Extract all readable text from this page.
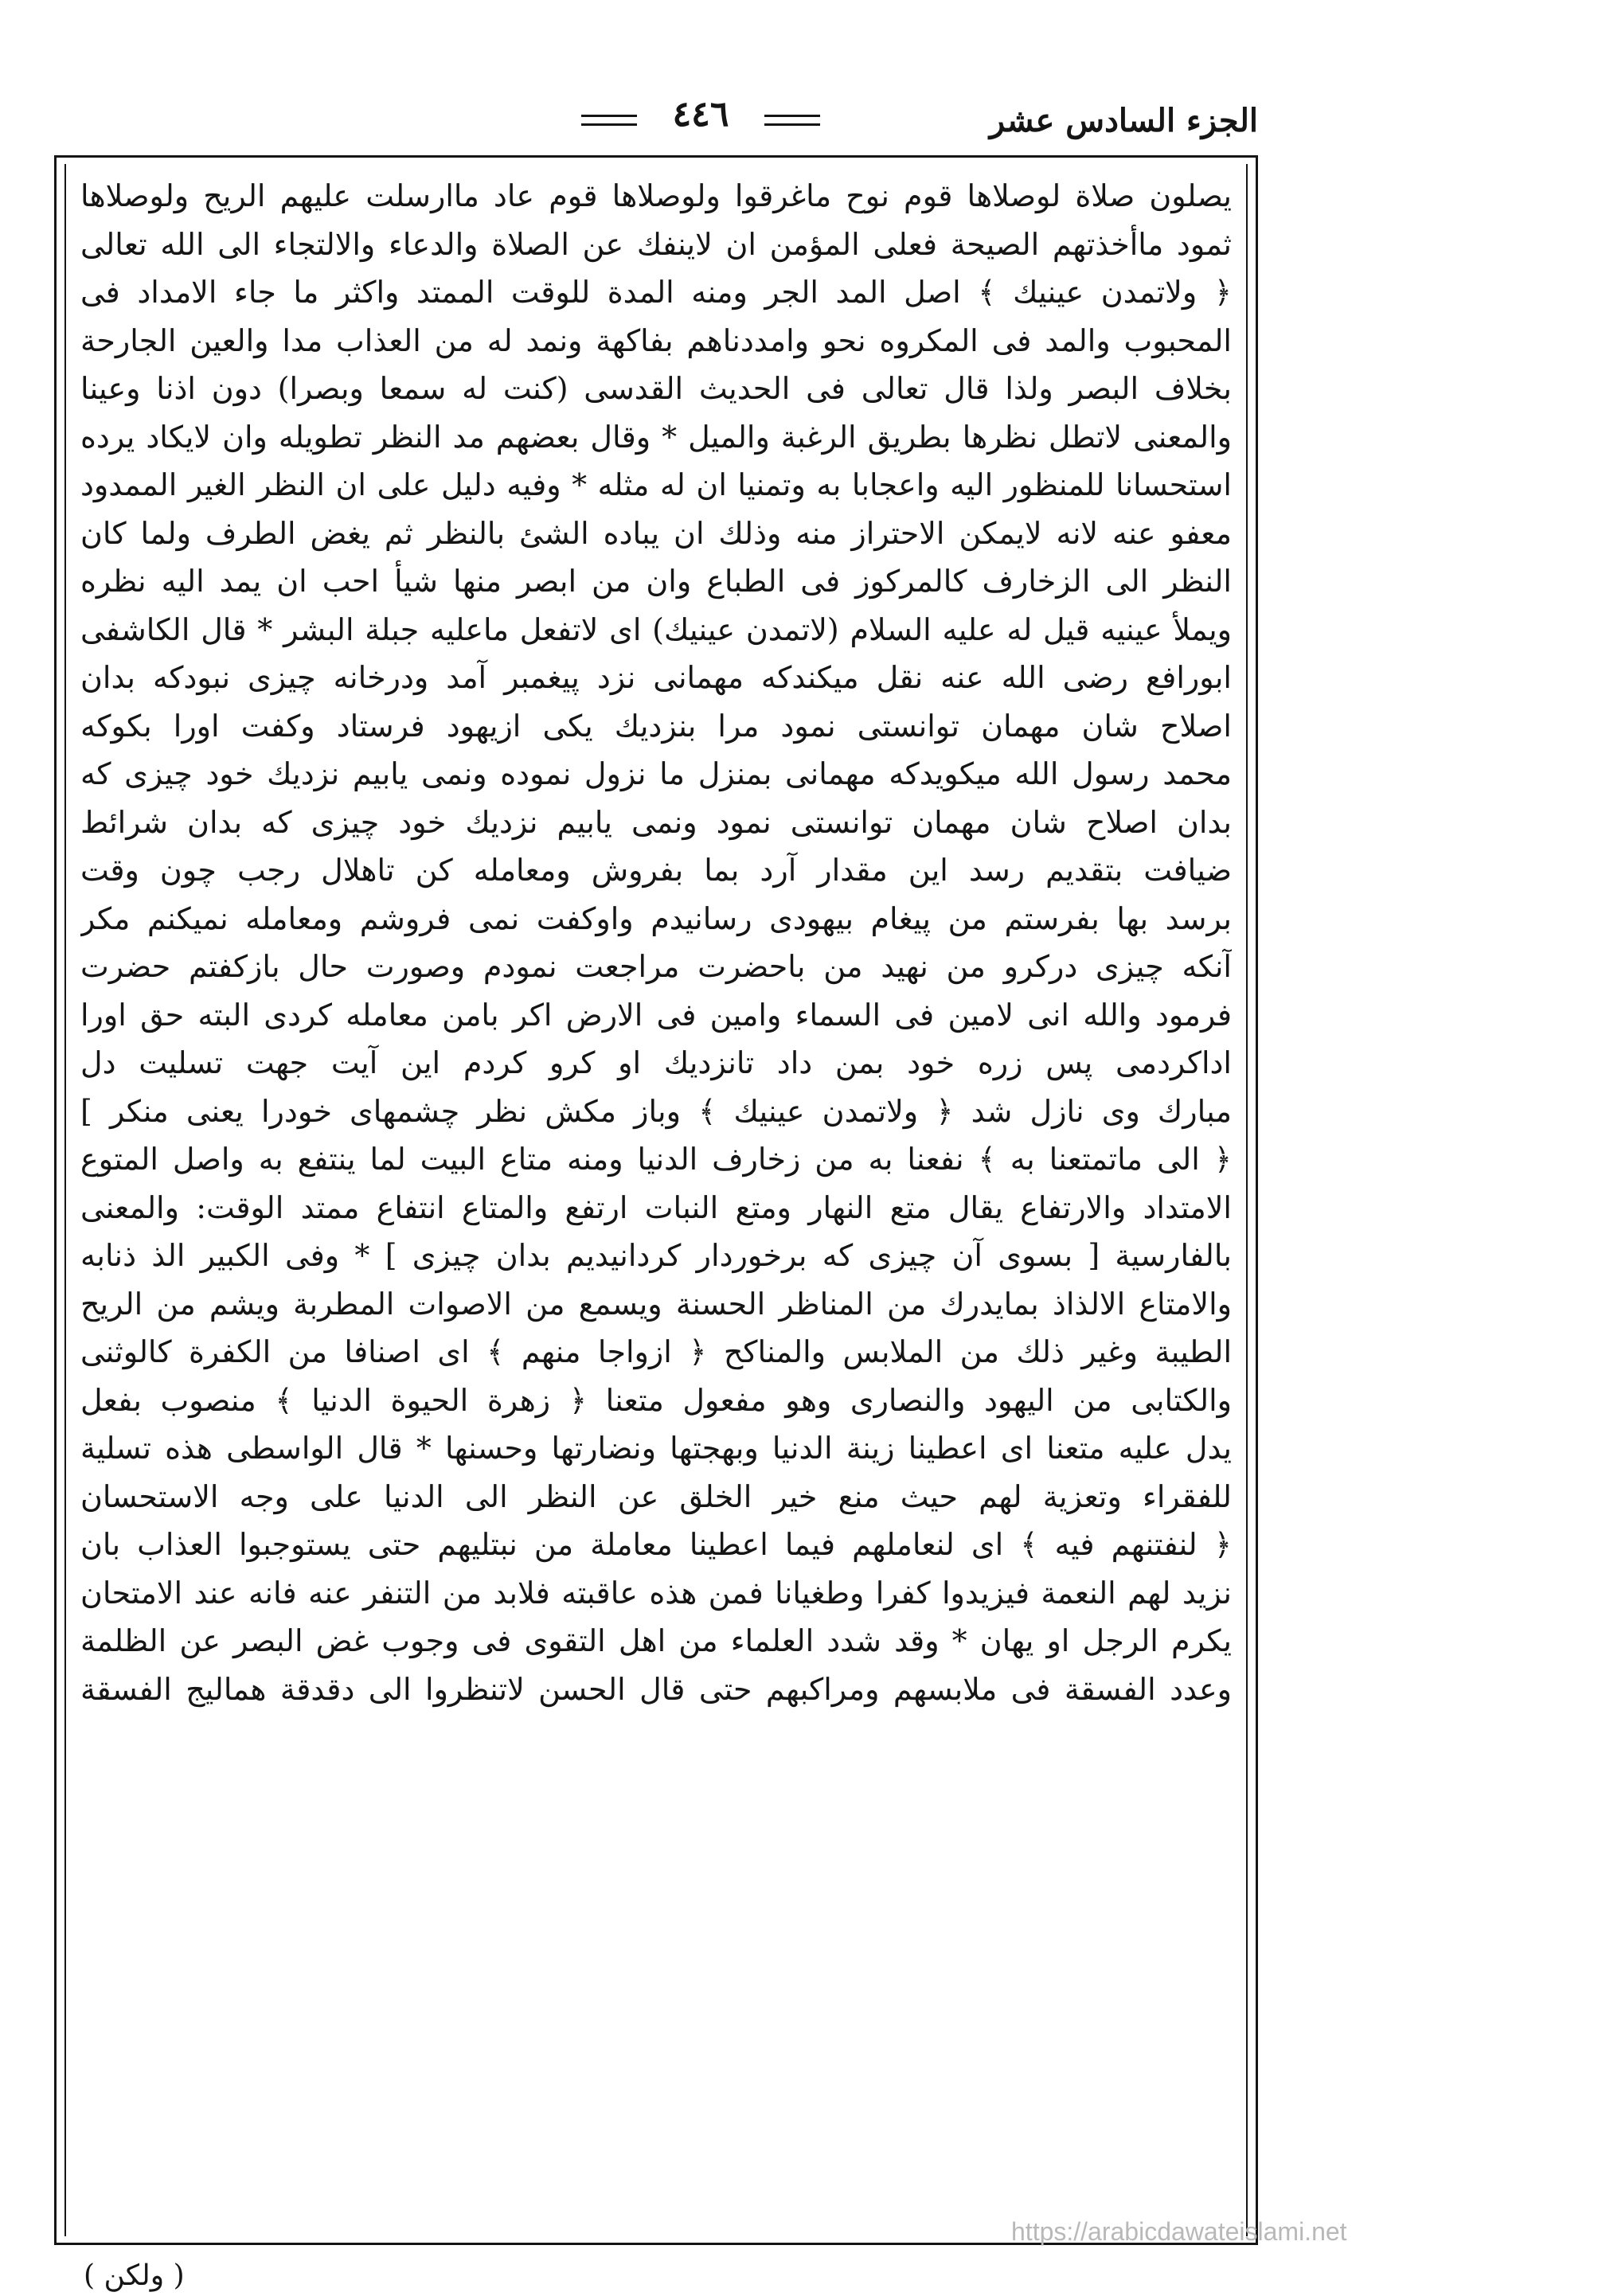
الجزء السادس عشر
٤٤٦
يصلون صلاة لوصلاها قوم نوح ماغرقوا ولوصلاها قوم عاد ماارسلت عليهم الريح ولوصلاها
ثمود ماأخذتهم الصيحة فعلى المؤمن ان لاينفك عن الصلاة والدعاء والالتجاء الى الله تعالى
﴿ ولاتمدن عينيك ﴾ اصل المد الجر ومنه المدة للوقت الممتد واكثر ما جاء الامداد فى
المحبوب والمد فى المكروه نحو وامددناهم بفاكهة ونمد له من العذاب مدا والعين الجارحة
بخلاف البصر ولذا قال تعالى فى الحديث القدسى (كنت له سمعا وبصرا) دون اذنا وعينا
والمعنى لاتطل نظرها بطريق الرغبة والميل * وقال بعضهم مد النظر تطويله وان لايكاد يرده
استحسانا للمنظور اليه واعجابا به وتمنيا ان له مثله * وفيه دليل على ان النظر الغير الممدود
معفو عنه لانه لايمكن الاحتراز منه وذلك ان يباده الشئ بالنظر ثم يغض الطرف ولما كان
النظر الى الزخارف كالمركوز فى الطباع وان من ابصر منها شيأ احب ان يمد اليه نظره
ويملأ عينيه قيل له عليه السلام (لاتمدن عينيك) اى لاتفعل ماعليه جبلة البشر * قال الكاشفى
ابورافع رضى الله عنه نقل ميكندكه مهمانى نزد پيغمبر آمد ودرخانه چيزى نبودكه بدان
اصلاح شان مهمان توانستى نمود مرا بنزديك يكى ازيهود فرستاد وكفت اورا بكوكه
محمد رسول الله ميكويدكه مهمانى بمنزل ما نزول نموده ونمى يابيم نزديك خود چيزى كه
بدان اصلاح شان مهمان توانستى نمود ونمى يابيم نزديك خود چيزى كه بدان شرائط
ضيافت بتقديم رسد اين مقدار آرد بما بفروش ومعامله كن تاهلال رجب چون وقت
برسد بها بفرستم من پيغام بيهودى رسانيدم واوكفت نمى فروشم ومعامله نميكنم مكر
آنكه چيزى دركرو من نهيد من باحضرت مراجعت نمودم وصورت حال بازكفتم حضرت
فرمود والله انى لامين فى السماء وامين فى الارض اكر بامن معامله كردى البته حق اورا
اداكردمى پس زره خود بمن داد تانزديك او كرو كردم اين آيت جهت تسليت دل
مبارك وى نازل شد ﴿ ولاتمدن عينيك ﴾ وباز مكش نظر چشمهاى خودرا يعنى منكر ]
﴿ الى ماتمتعنا به ﴾ نفعنا به من زخارف الدنيا ومنه متاع البيت لما ينتفع به واصل المتوع
الامتداد والارتفاع يقال متع النهار ومتع النبات ارتفع والمتاع انتفاع ممتد الوقت: والمعنى
بالفارسية [ بسوى آن چيزى كه برخوردار كردانيديم بدان چيزى ] * وفى الكبير الذ ذنابه
والامتاع الالذاذ بمايدرك من المناظر الحسنة ويسمع من الاصوات المطربة ويشم من الريح
الطيبة وغير ذلك من الملابس والمناكح ﴿ ازواجا منهم ﴾ اى اصنافا من الكفرة كالوثنى
والكتابى من اليهود والنصارى وهو مفعول متعنا ﴿ زهرة الحيوة الدنيا ﴾ منصوب بفعل
يدل عليه متعنا اى اعطينا زينة الدنيا وبهجتها ونضارتها وحسنها * قال الواسطى هذه تسلية
للفقراء وتعزية لهم حيث منع خير الخلق عن النظر الى الدنيا على وجه الاستحسان
﴿ لنفتنهم فيه ﴾ اى لنعاملهم فيما اعطينا معاملة من نبتليهم حتى يستوجبوا العذاب بان
نزيد لهم النعمة فيزيدوا كفرا وطغيانا فمن هذه عاقبته فلابد من التنفر عنه فانه عند الامتحان
يكرم الرجل او يهان * وقد شدد العلماء من اهل التقوى فى وجوب غض البصر عن الظلمة
وعدد الفسقة فى ملابسهم ومراكبهم حتى قال الحسن لاتنظروا الى دقدقة هماليج الفسقة
https://arabicdawateislami.net
( ولكن )
